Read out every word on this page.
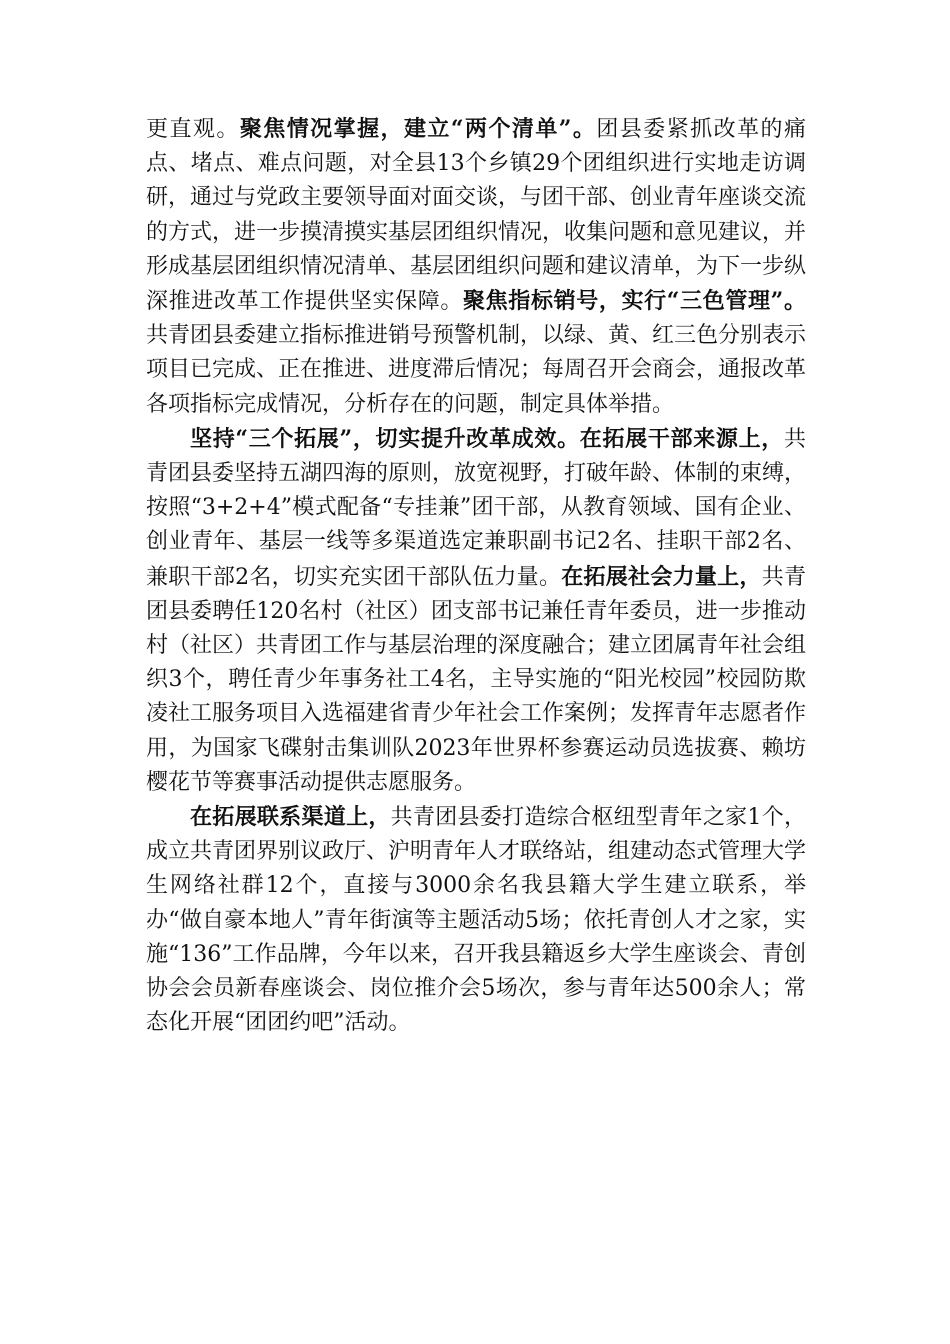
更直观。聚焦情况掌握，建立“两个清单”。团县委紧抓改革的痛点、堵点、难点问题，对全县13个乡镇29个团组织进行实地走访调研，通过与党政主要领导面对面交谈，与团干部、创业青年座谈交流的方式，进一步摸清摸实基层团组织情况，收集问题和意见建议，并形成基层团组织情况清单、基层团组织问题和建议清单，为下一步纵深推进改革工作提供坚实保障。聚焦指标销号，实行“三色管理”。共青团县委建立指标推进销号预警机制，以绿、黄、红三色分别表示项目已完成、正在推进、进度滞后情况；每周召开会商会，通报改革各项指标完成情况，分析存在的问题，制定具体举措。

坚持“三个拓展”，切实提升改革成效。在拓展干部来源上，共青团县委坚持五湖四海的原则，放宽视野，打破年龄、体制的束缚，按照“3+2+4”模式配备“专挂兼”团干部，从教育领域、国有企业、创业青年、基层一线等多渠道选定兼职副书记2名、挂职干部2名、兼职干部2名，切实充实团干部队伍力量。在拓展社会力量上，共青团县委聘任120名村（社区）团支部书记兼任青年委员，进一步推动村（社区）共青团工作与基层治理的深度融合；建立团属青年社会组织3个，聘任青少年事务社工4名，主导实施的“阳光校园”校园防欺凌社工服务项目入选福建省青少年社会工作案例；发挥青年志愿者作用，为国家飞碟射击集训队2023年世界杯参赛运动员选拔赛、赖坊樱花节等赛事活动提供志愿服务。

在拓展联系渠道上，共青团县委打造综合枢纽型青年之家1个，成立共青团界别议政厅、沪明青年人才联络站，组建动态式管理大学生网络社群12个，直接与3000余名我县籍大学生建立联系，举办“做自豪本地人”青年街演等主题活动5场；依托青创人才之家，实施“136”工作品牌，今年以来，召开我县籍返乡大学生座谈会、青创协会会员新春座谈会、岗位推介会5场次，参与青年达500余人；常态化开展“团团约吧”活动。
